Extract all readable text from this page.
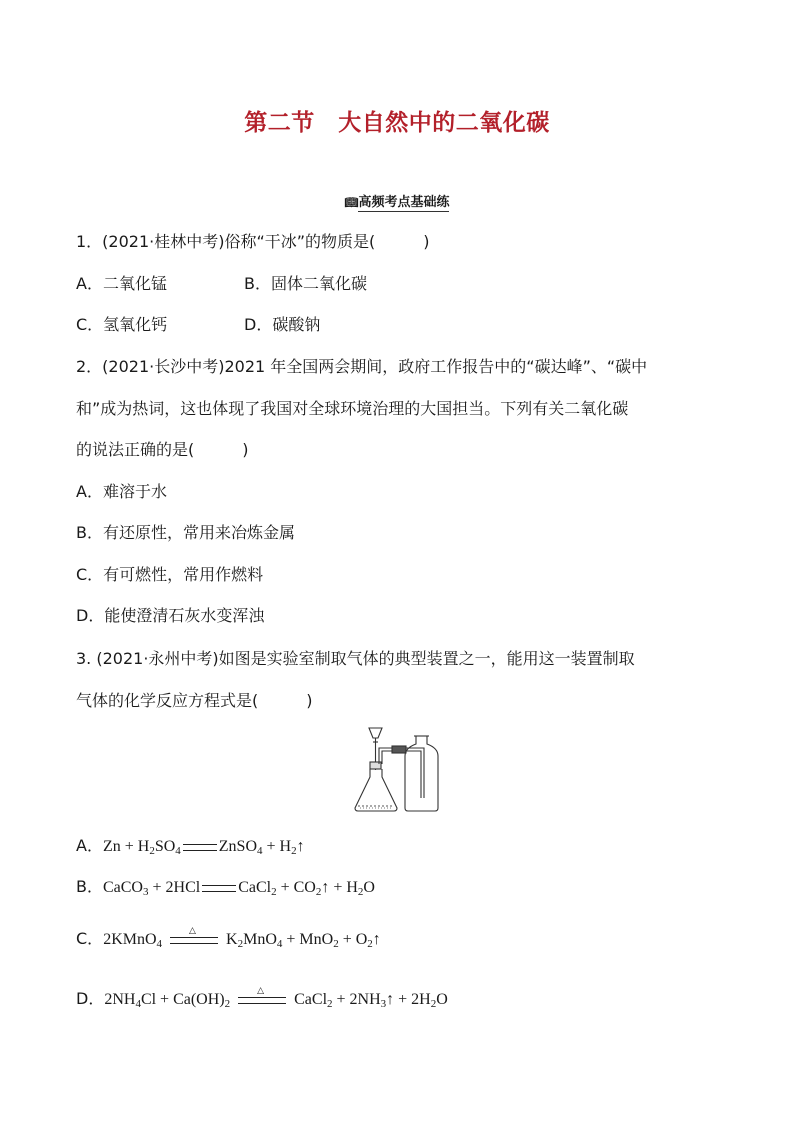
第二节　大自然中的二氧化碳
📖︎高频考点基础练
1．(2021·桂林中考)俗称“干冰”的物质是(　　　)
A．二氧化锰	B．固体二氧化碳
C．氢氧化钙	D．碳酸钠
2．(2021·长沙中考)2021 年全国两会期间，政府工作报告中的“碳达峰”、“碳中
和”成为热词，这也体现了我国对全球环境治理的大国担当。下列有关二氧化碳
的说法正确的是(　　　)
A．难溶于水
B．有还原性，常用来冶炼金属
C．有可燃性，常用作燃料
D．能使澄清石灰水变浑浊
3. (2021·永州中考)如图是实验室制取气体的典型装置之一，能用这一装置制取
气体的化学反应方程式是(　　　)
A．$Zn + H_2SO_4$ ZnSO$_4$ + $H_2↑$
B．CaCO$_3$ + 2HCl CaCl$_2$ + $CO_2↑ + H_2O$
C．2KMnO$_4$
△
$K_2MnO_4 + MnO_2$ + $O_2↑$
D．$2NH_4Cl + Ca(OH)_2$
△
CaCl$_2$ + $2NH_3↑ + 2H_2O$
